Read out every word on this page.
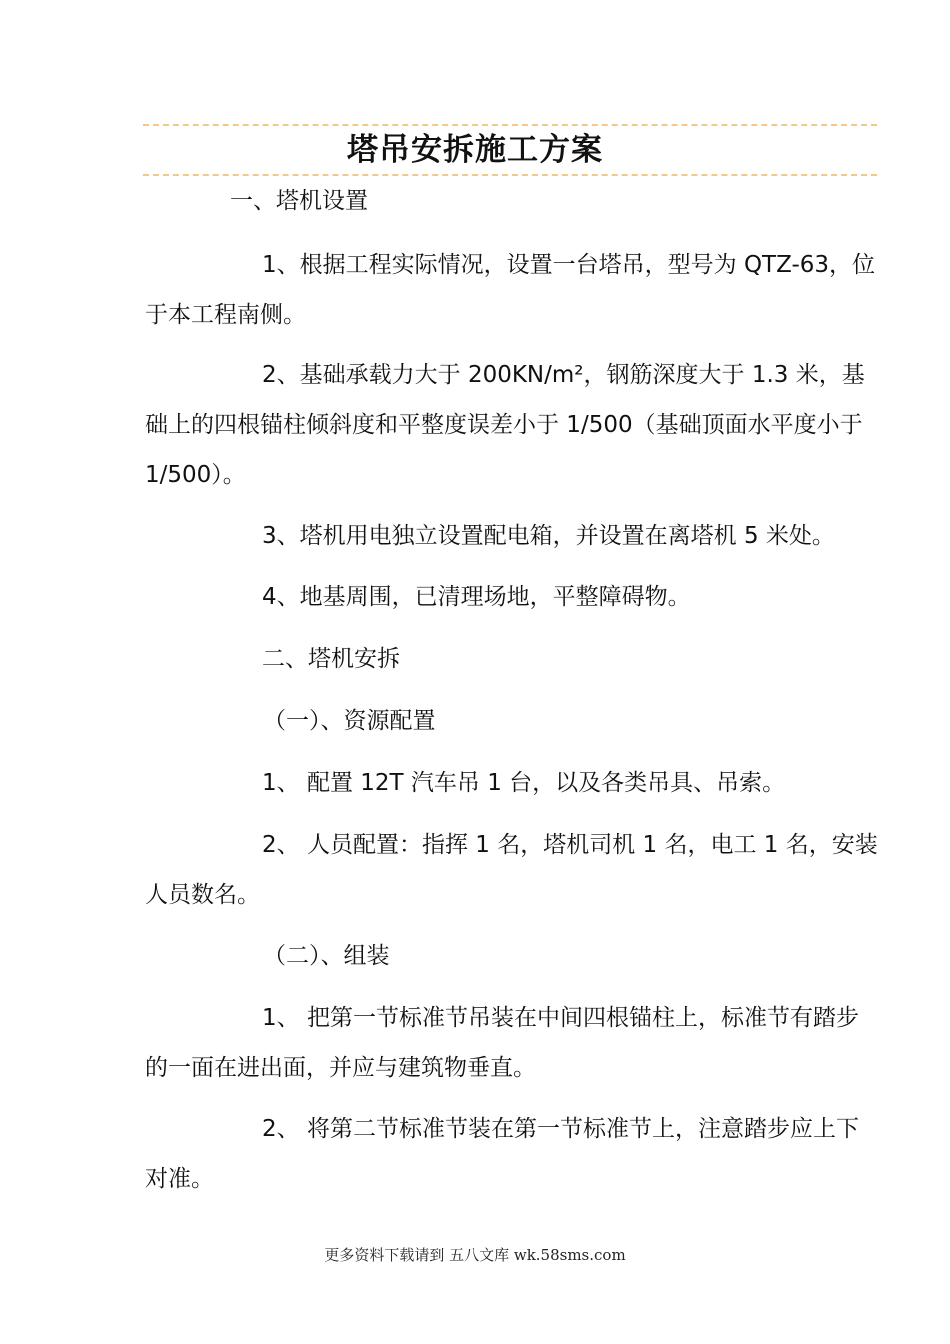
塔吊安拆施工方案
一、塔机设置
1、根据工程实际情况，设置一台塔吊，型号为 QTZ-63，位于本工程南侧。
2、基础承载力大于 200KN/m²，钢筋深度大于 1.3 米，基础上的四根锚柱倾斜度和平整度误差小于 1/500（基础顶面水平度小于 1/500）。
3、塔机用电独立设置配电箱，并设置在离塔机 5 米处。
4、地基周围，已清理场地，平整障碍物。
二、塔机安拆
（一）、资源配置
1、 配置 12T 汽车吊 1 台，以及各类吊具、吊索。
2、 人员配置：指挥 1 名，塔机司机 1 名，电工 1 名，安装人员数名。
（二）、组装
1、 把第一节标准节吊装在中间四根锚柱上，标准节有踏步的一面在进出面，并应与建筑物垂直。
2、 将第二节标准节装在第一节标准节上，注意踏步应上下对准。
更多资料下载请到 五八文库 wk.58sms.com
